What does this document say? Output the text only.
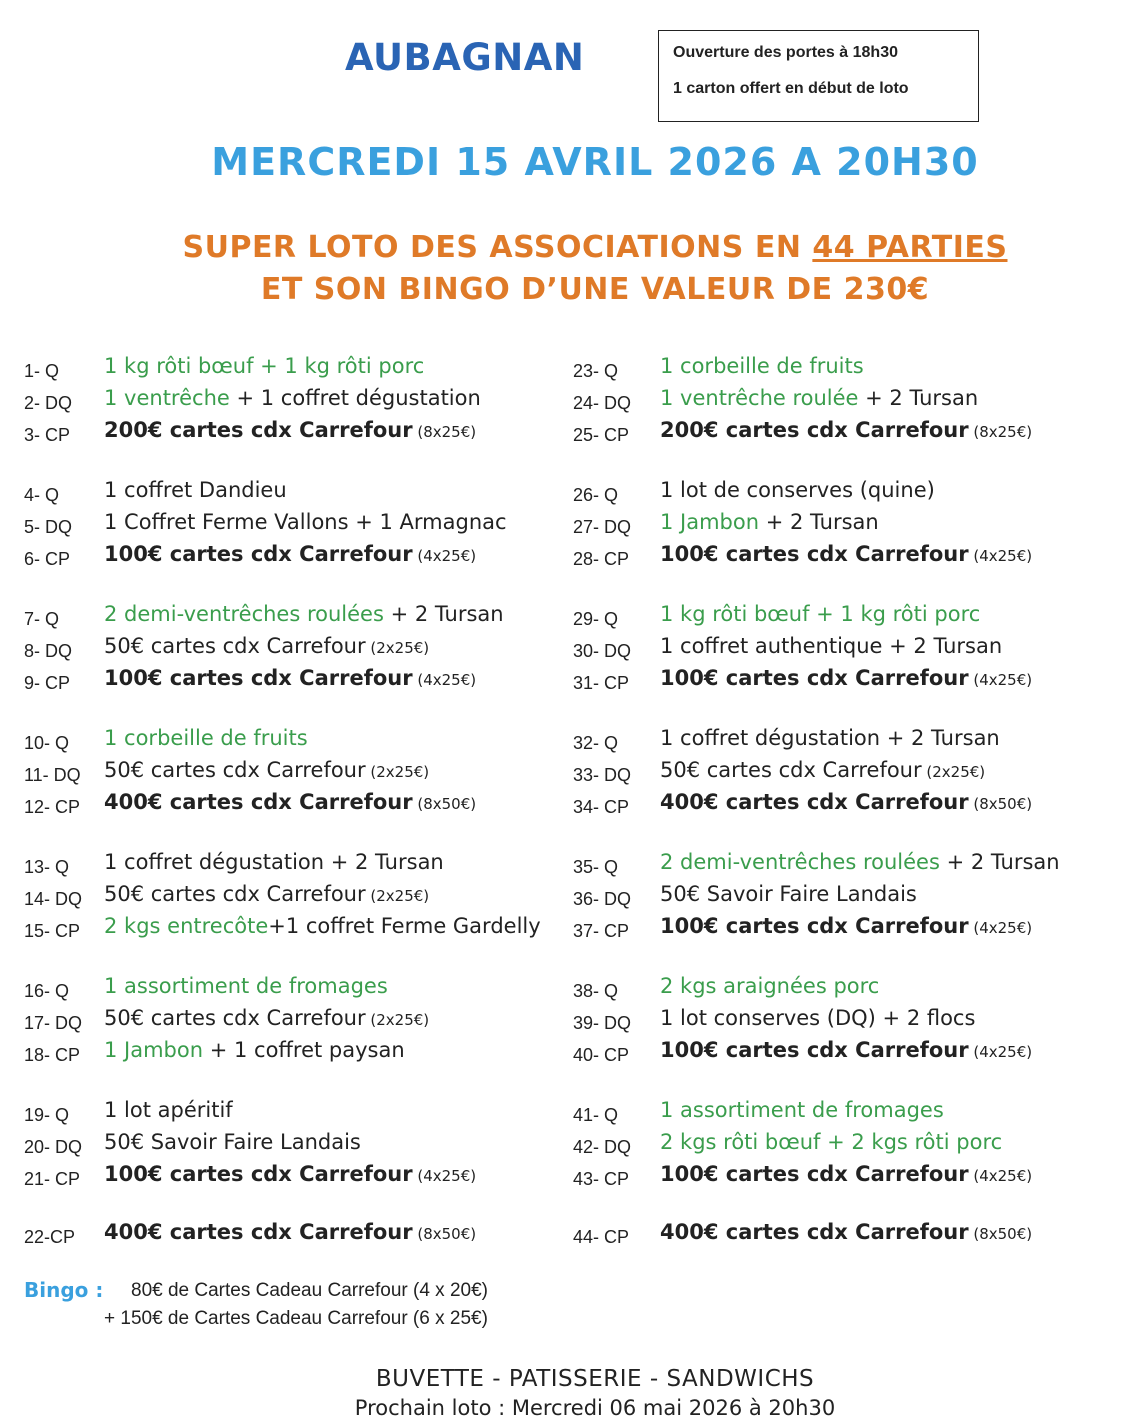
AUBAGNAN	Ouverture des portes à 18h30
1 carton offert en début de loto
MERCREDI 15 AVRIL 2026 A 20H30
SUPER LOTO DES ASSOCIATIONS EN 44 PARTIES
ET SON BINGO D’UNE VALEUR DE 230€
1- Q 1 kg rôti bœuf + 1 kg rôti porc
2- DQ 1 ventrêche + 1 coffret dégustation
3- CP 200€ cartes cdx Carrefour (8x25€)
4- Q 1 coffret Dandieu
5- DQ 1 Coffret Ferme Vallons + 1 Armagnac
6- CP 100€ cartes cdx Carrefour (4x25€)
7- Q 2 demi-ventrêches roulées + 2 Tursan
8- DQ 50€ cartes cdx Carrefour (2x25€)
9- CP 100€ cartes cdx Carrefour (4x25€)
10- Q 1 corbeille de fruits
11- DQ 50€ cartes cdx Carrefour (2x25€)
12- CP 400€ cartes cdx Carrefour (8x50€)
13- Q 1 coffret dégustation + 2 Tursan
14- DQ 50€ cartes cdx Carrefour (2x25€)
15- CP 2 kgs entrecôte+1 coffret Ferme Gardelly
16- Q 1 assortiment de fromages
17- DQ 50€ cartes cdx Carrefour (2x25€)
18- CP 1 Jambon + 1 coffret paysan
19- Q 1 lot apéritif
20- DQ 50€ Savoir Faire Landais
21- CP 100€ cartes cdx Carrefour (4x25€)
22-CP 400€ cartes cdx Carrefour (8x50€)
23- Q 1 corbeille de fruits
24- DQ 1 ventrêche roulée + 2 Tursan
25- CP 200€ cartes cdx Carrefour (8x25€)
26- Q 1 lot de conserves (quine)
27- DQ 1 Jambon + 2 Tursan
28- CP 100€ cartes cdx Carrefour (4x25€)
29- Q 1 kg rôti bœuf + 1 kg rôti porc
30- DQ 1 coffret authentique + 2 Tursan
31- CP 100€ cartes cdx Carrefour (4x25€)
32- Q 1 coffret dégustation + 2 Tursan
33- DQ 50€ cartes cdx Carrefour (2x25€)
34- CP 400€ cartes cdx Carrefour (8x50€)
35- Q 2 demi-ventrêches roulées + 2 Tursan
36- DQ 50€ Savoir Faire Landais
37- CP 100€ cartes cdx Carrefour (4x25€)
38- Q 2 kgs araignées porc
39- DQ 1 lot conserves (DQ) + 2 flocs
40- CP 100€ cartes cdx Carrefour (4x25€)
41- Q 1 assortiment de fromages
42- DQ 2 kgs rôti bœuf + 2 kgs rôti porc
43- CP 100€ cartes cdx Carrefour (4x25€)
44- CP 400€ cartes cdx Carrefour (8x50€)
Bingo : 80€ de Cartes Cadeau Carrefour (4 x 20€)
+ 150€ de Cartes Cadeau Carrefour (6 x 25€)
BUVETTE - PATISSERIE - SANDWICHS
Prochain loto : Mercredi 06 mai 2026 à 20h30
